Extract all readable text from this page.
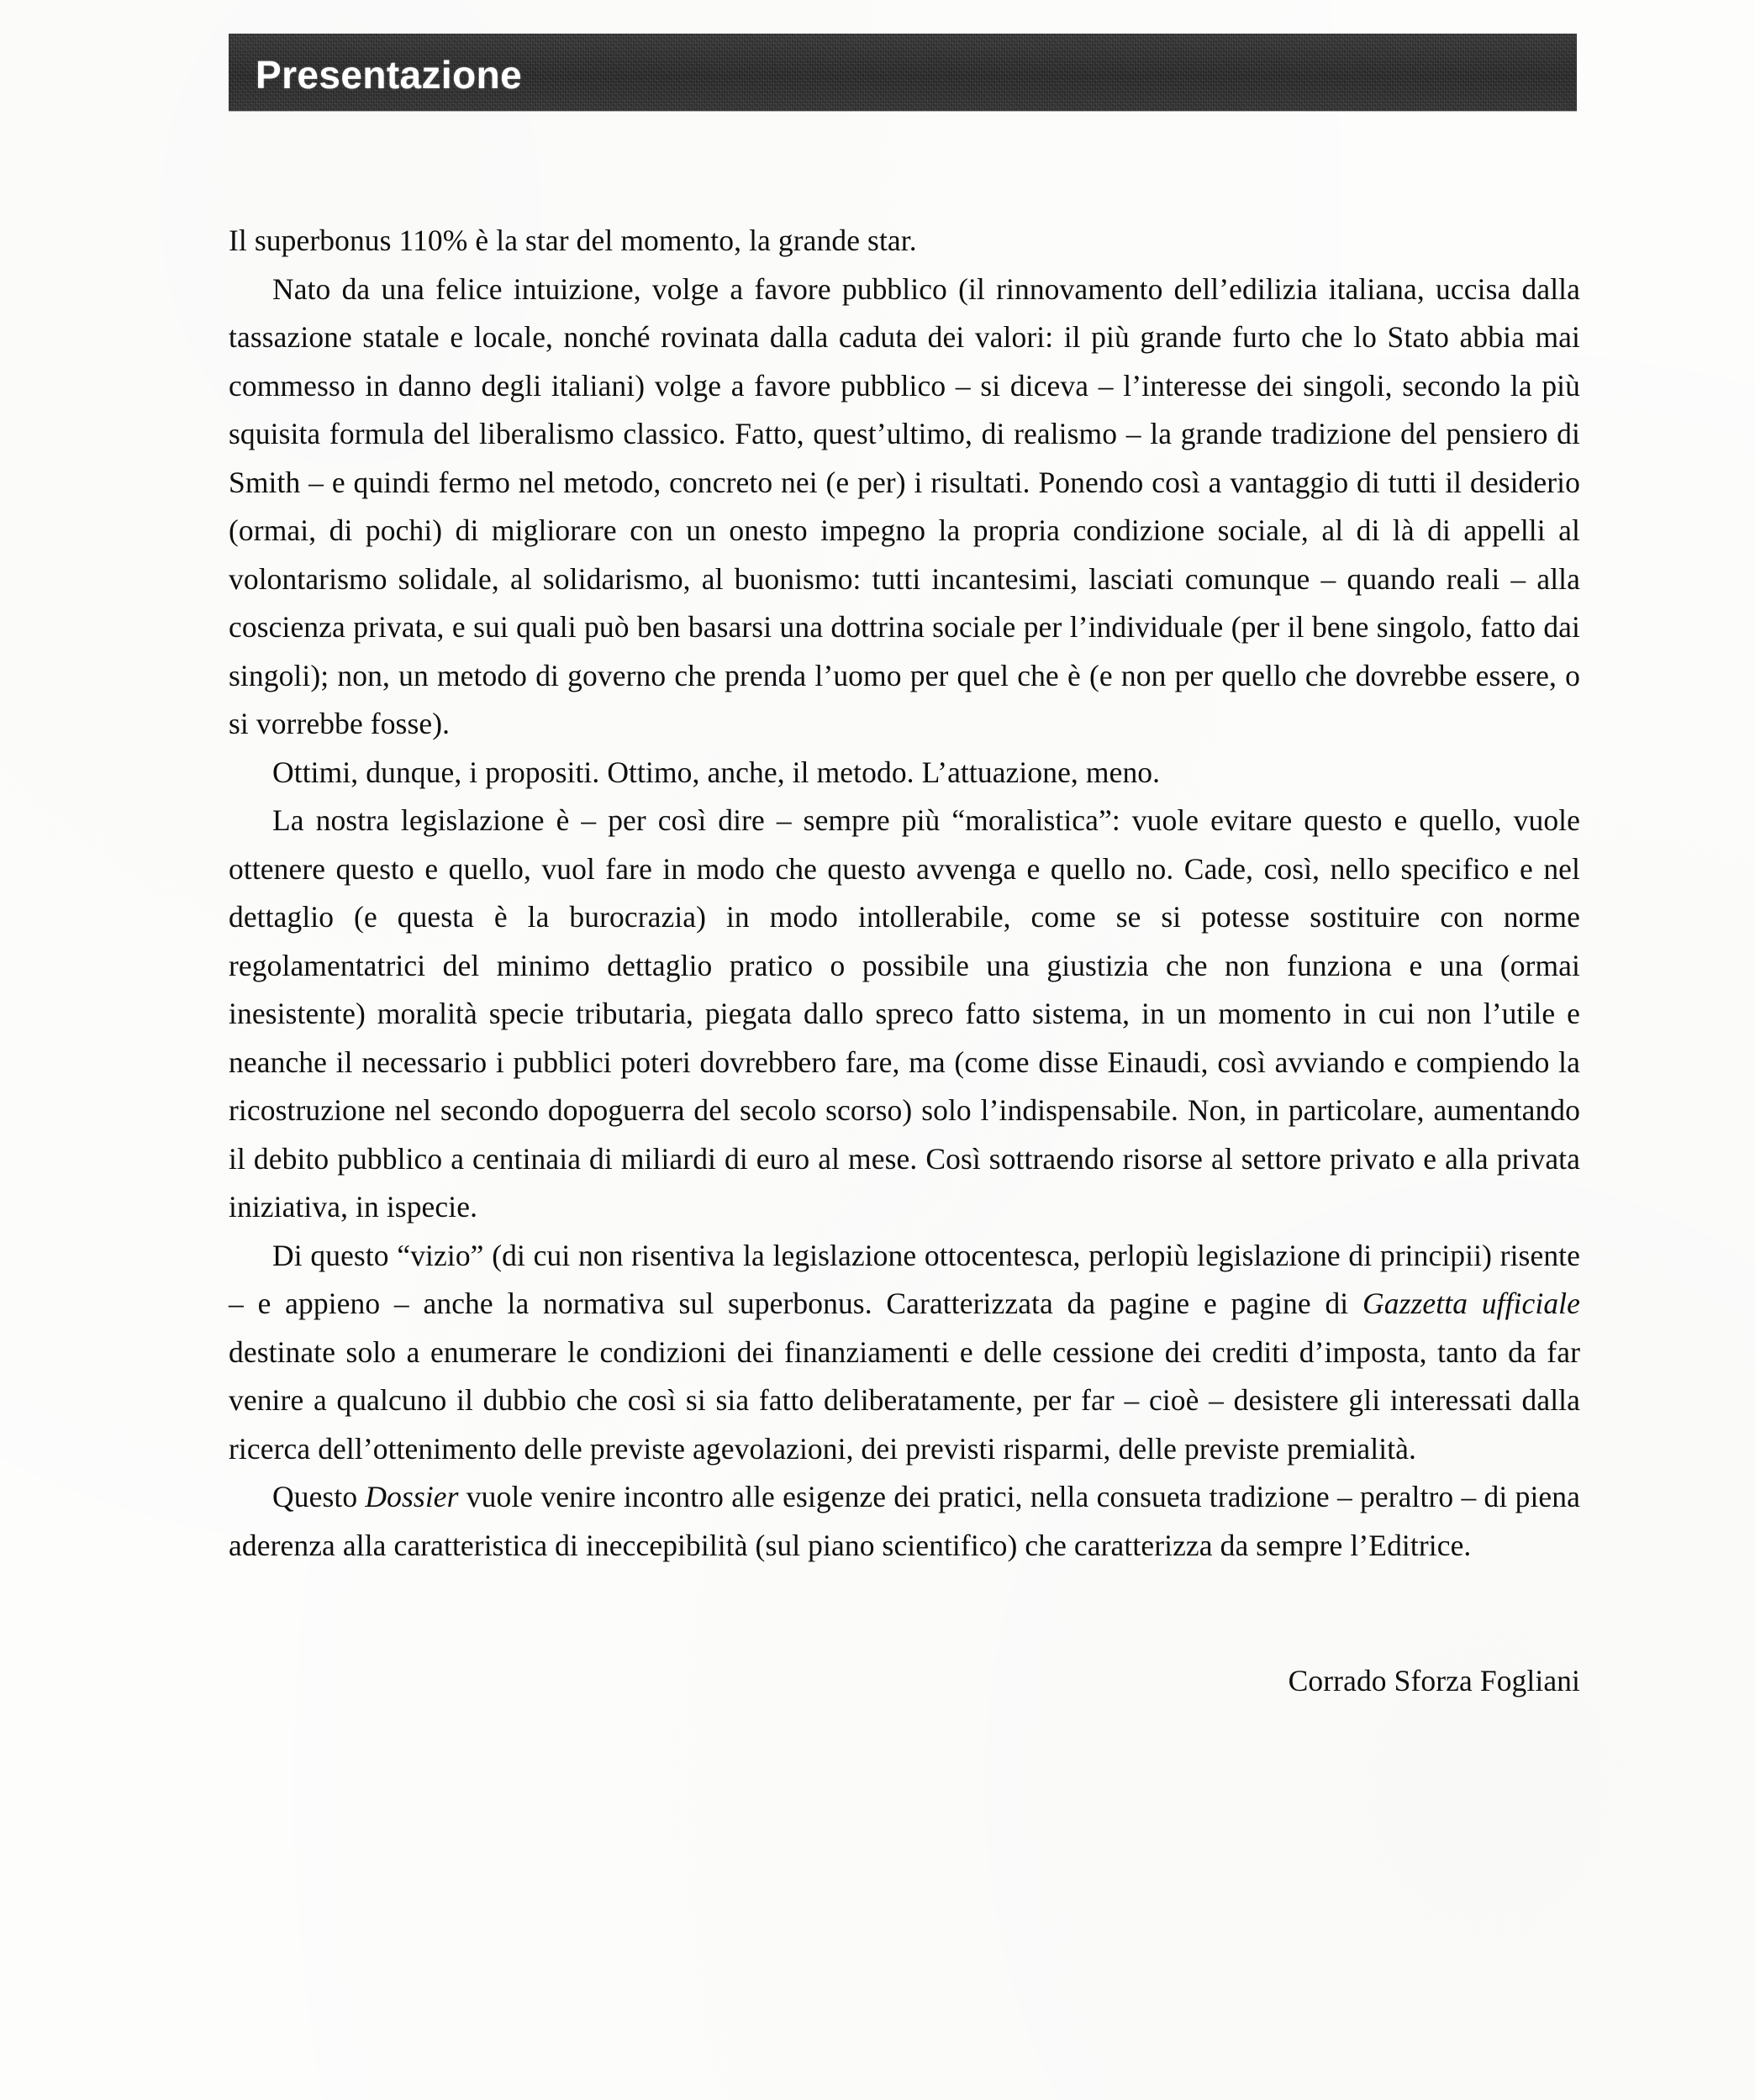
Presentazione

Il superbonus 110% è la star del momento, la grande star.

Nato da una felice intuizione, volge a favore pubblico (il rinnovamento dell’edilizia italiana, uccisa dalla tassazione statale e locale, nonché rovinata dalla caduta dei valori: il più grande furto che lo Stato abbia mai commesso in danno degli italiani) volge a favore pubblico – si diceva – l’interesse dei singoli, secondo la più squisita formula del liberalismo classico. Fatto, quest’ultimo, di realismo – la grande tradizione del pensiero di Smith – e quindi fermo nel metodo, concreto nei (e per) i risultati. Ponendo così a vantaggio di tutti il desiderio (ormai, di pochi) di migliorare con un onesto impegno la propria condizione sociale, al di là di appelli al volontarismo solidale, al solidarismo, al buonismo: tutti incantesimi, lasciati comunque – quando reali – alla coscienza privata, e sui quali può ben basarsi una dottrina sociale per l’individuale (per il bene singolo, fatto dai singoli); non, un metodo di governo che prenda l’uomo per quel che è (e non per quello che dovrebbe essere, o si vorrebbe fosse).

Ottimi, dunque, i propositi. Ottimo, anche, il metodo. L’attuazione, meno.

La nostra legislazione è – per così dire – sempre più “moralistica”: vuole evitare questo e quello, vuole ottenere questo e quello, vuol fare in modo che questo avvenga e quello no. Cade, così, nello specifico e nel dettaglio (e questa è la burocrazia) in modo intollerabile, come se si potesse sostituire con norme regolamentatrici del minimo dettaglio pratico o possibile una giustizia che non funziona e una (ormai inesistente) moralità specie tributaria, piegata dallo spreco fatto sistema, in un momento in cui non l’utile e neanche il necessario i pubblici poteri dovrebbero fare, ma (come disse Einaudi, così avviando e compiendo la ricostruzione nel secondo dopoguerra del secolo scorso) solo l’indispensabile. Non, in particolare, aumentando il debito pubblico a centinaia di miliardi di euro al mese. Così sottraendo risorse al settore privato e alla privata iniziativa, in ispecie.

Di questo “vizio” (di cui non risentiva la legislazione ottocentesca, perlopiù legislazione di principii) risente – e appieno – anche la normativa sul superbonus. Caratterizzata da pagine e pagine di Gazzetta ufficiale destinate solo a enumerare le condizioni dei finanziamenti e delle cessione dei crediti d’imposta, tanto da far venire a qualcuno il dubbio che così si sia fatto deliberatamente, per far – cioè – desistere gli interessati dalla ricerca dell’ottenimento delle previste agevolazioni, dei previsti risparmi, delle previste premialità.

Questo Dossier vuole venire incontro alle esigenze dei pratici, nella consueta tradizione – peraltro – di piena aderenza alla caratteristica di ineccepibilità (sul piano scientifico) che caratterizza da sempre l’Editrice.

Corrado Sforza Fogliani
